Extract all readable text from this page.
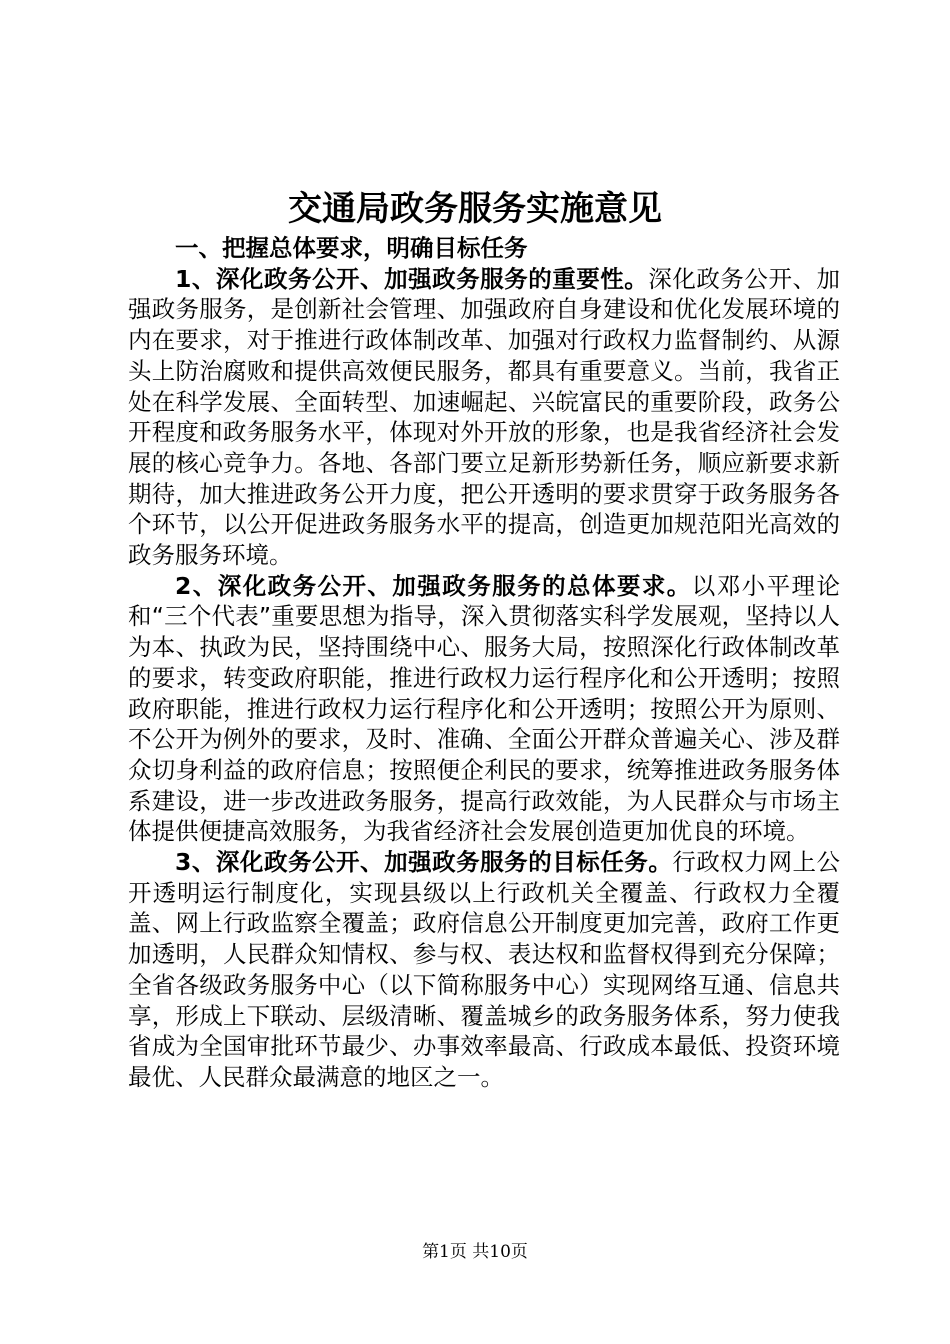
交通局政务服务实施意见

一、把握总体要求，明确目标任务

1、深化政务公开、加强政务服务的重要性。深化政务公开、加强政务服务，是创新社会管理、加强政府自身建设和优化发展环境的内在要求，对于推进行政体制改革、加强对行政权力监督制约、从源头上防治腐败和提供高效便民服务，都具有重要意义。当前，我省正处在科学发展、全面转型、加速崛起、兴皖富民的重要阶段，政务公开程度和政务服务水平，体现对外开放的形象，也是我省经济社会发展的核心竞争力。各地、各部门要立足新形势新任务，顺应新要求新期待，加大推进政务公开力度，把公开透明的要求贯穿于政务服务各个环节，以公开促进政务服务水平的提高，创造更加规范阳光高效的政务服务环境。

2、深化政务公开、加强政务服务的总体要求。以邓小平理论和“三个代表”重要思想为指导，深入贯彻落实科学发展观，坚持以人为本、执政为民，坚持围绕中心、服务大局，按照深化行政体制改革的要求，转变政府职能，推进行政权力运行程序化和公开透明；按照政府职能，推进行政权力运行程序化和公开透明；按照公开为原则、不公开为例外的要求，及时、准确、全面公开群众普遍关心、涉及群众切身利益的政府信息；按照便企利民的要求，统筹推进政务服务体系建设，进一步改进政务服务，提高行政效能，为人民群众与市场主体提供便捷高效服务，为我省经济社会发展创造更加优良的环境。

3、深化政务公开、加强政务服务的目标任务。行政权力网上公开透明运行制度化，实现县级以上行政机关全覆盖、行政权力全覆盖、网上行政监察全覆盖；政府信息公开制度更加完善，政府工作更加透明，人民群众知情权、参与权、表达权和监督权得到充分保障；全省各级政务服务中心（以下简称服务中心）实现网络互通、信息共享，形成上下联动、层级清晰、覆盖城乡的政务服务体系，努力使我省成为全国审批环节最少、办事效率最高、行政成本最低、投资环境最优、人民群众最满意的地区之一。

第1页 共10页
